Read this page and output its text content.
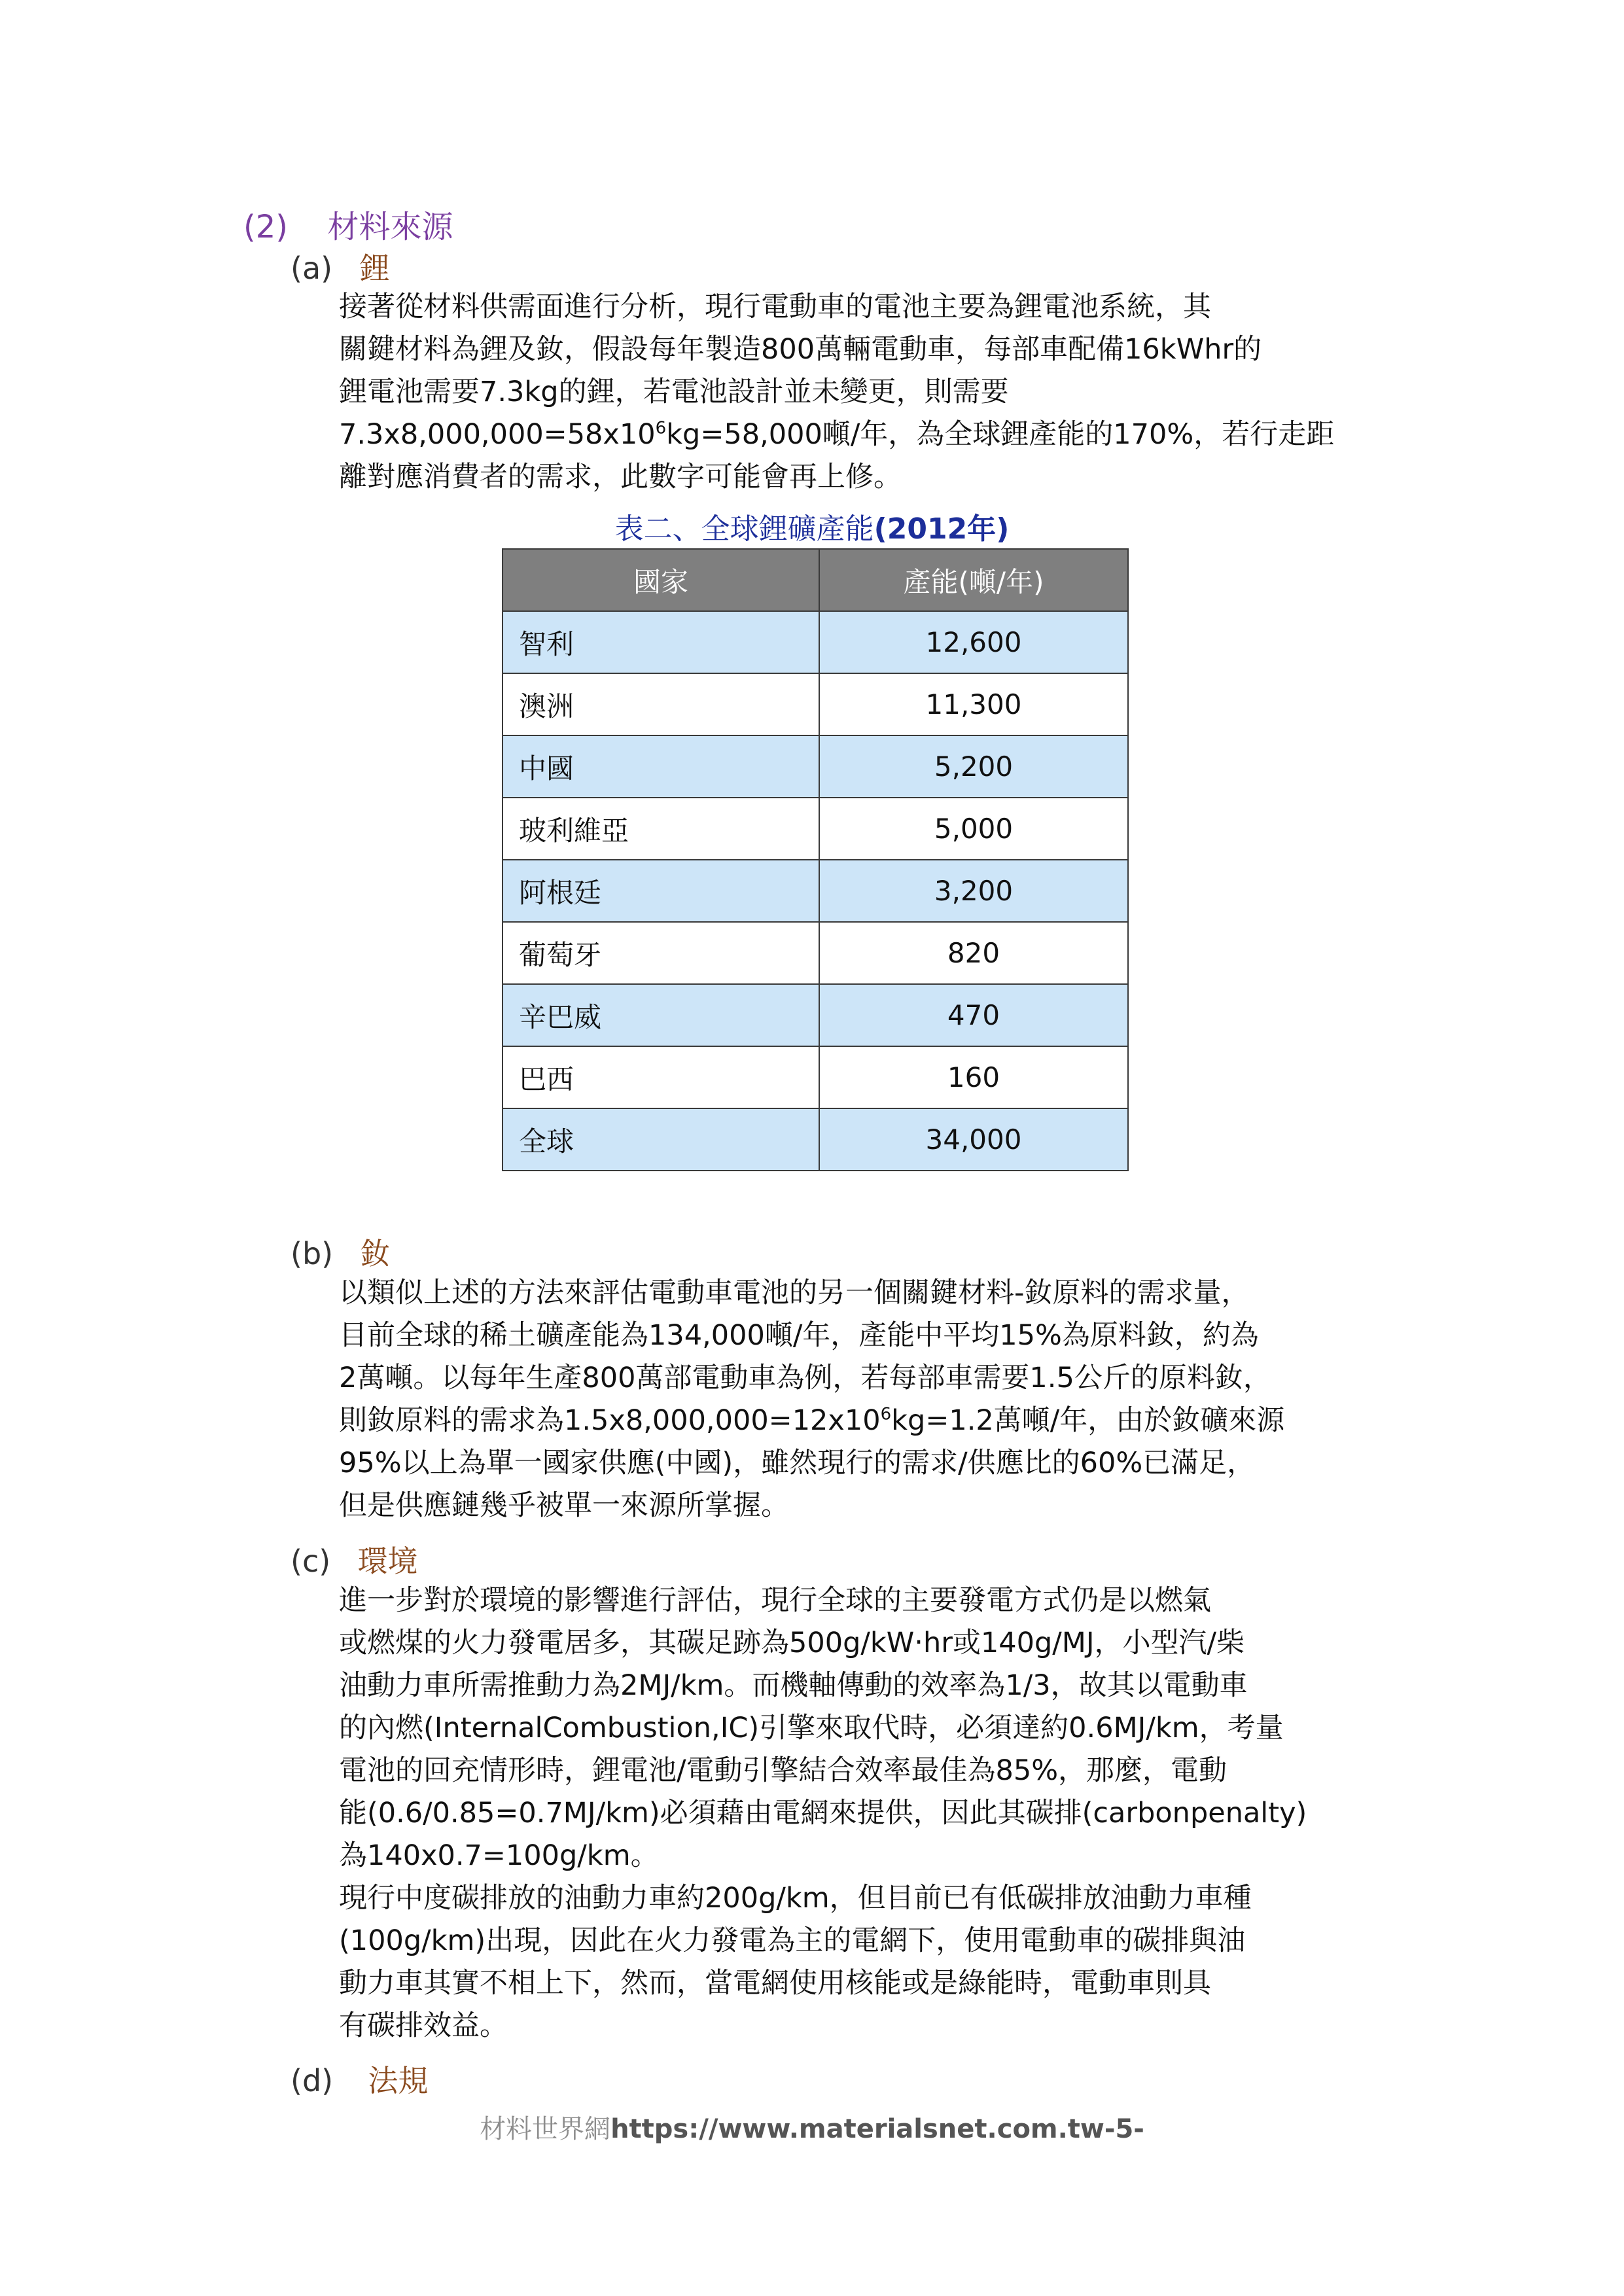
(2) 材料來源
(a) 鋰
接著從材料供需面進行分析，現行電動車的電池主要為鋰電池系統，其
關鍵材料為鋰及釹，假設每年製造800萬輛電動車，每部車配備16kWhr的
鋰電池需要7.3kg的鋰，若電池設計並未變更，則需要
$7.3x8,000,000=58x10^6kg=58,000$噸/年，為全球鋰產能的170%，若行走距
離對應消費者的需求，此數字可能會再上修。
表二、全球鋰礦產能(2012年)
國家	產能(噸/年)
智利	12,600
澳洲	11,300
中國	5,200
玻利維亞	5,000
阿根廷	3,200
葡萄牙	820
辛巴威	470
巴西	160
全球	34,000
(b) 釹
以類似上述的方法來評估電動車電池的另一個關鍵材料-釹原料的需求量，
目前全球的稀土礦產能為134,000噸/年，產能中平均15%為原料釹，約為
2萬噸。以每年生產800萬部電動車為例，若每部車需要1.5公斤的原料釹，
則釹原料的需求為$1.5x8,000,000=12x10^6kg=1.2$萬噸/年，由於釹礦來源
95%以上為單一國家供應(中國)，雖然現行的需求/供應比的60%已滿足，
但是供應鏈幾乎被單一來源所掌握。
(c) 環境
進一步對於環境的影響進行評估，現行全球的主要發電方式仍是以燃氣
或燃煤的火力發電居多，其碳足跡為500g/kW‧hr或140g/MJ，小型汽/柴
油動力車所需推動力為2MJ/km。而機軸傳動的效率為1/3，故其以電動車
的內燃(InternalCombustion,IC)引擎來取代時，必須達約0.6MJ/km，考量
電池的回充情形時，鋰電池/電動引擎結合效率最佳為85%，那麼，電動
能(0.6/0.85=0.7MJ/km)必須藉由電網來提供，因此其碳排(carbonpenalty)
為140x0.7=100g/km。
現行中度碳排放的油動力車約200g/km，但目前已有低碳排放油動力車種
(100g/km)出現，因此在火力發電為主的電網下，使用電動車的碳排與油
動力車其實不相上下，然而，當電網使用核能或是綠能時，電動車則具
有碳排效益。
(d) 法規
材料世界網https://www.materialsnet.com.tw-5-
